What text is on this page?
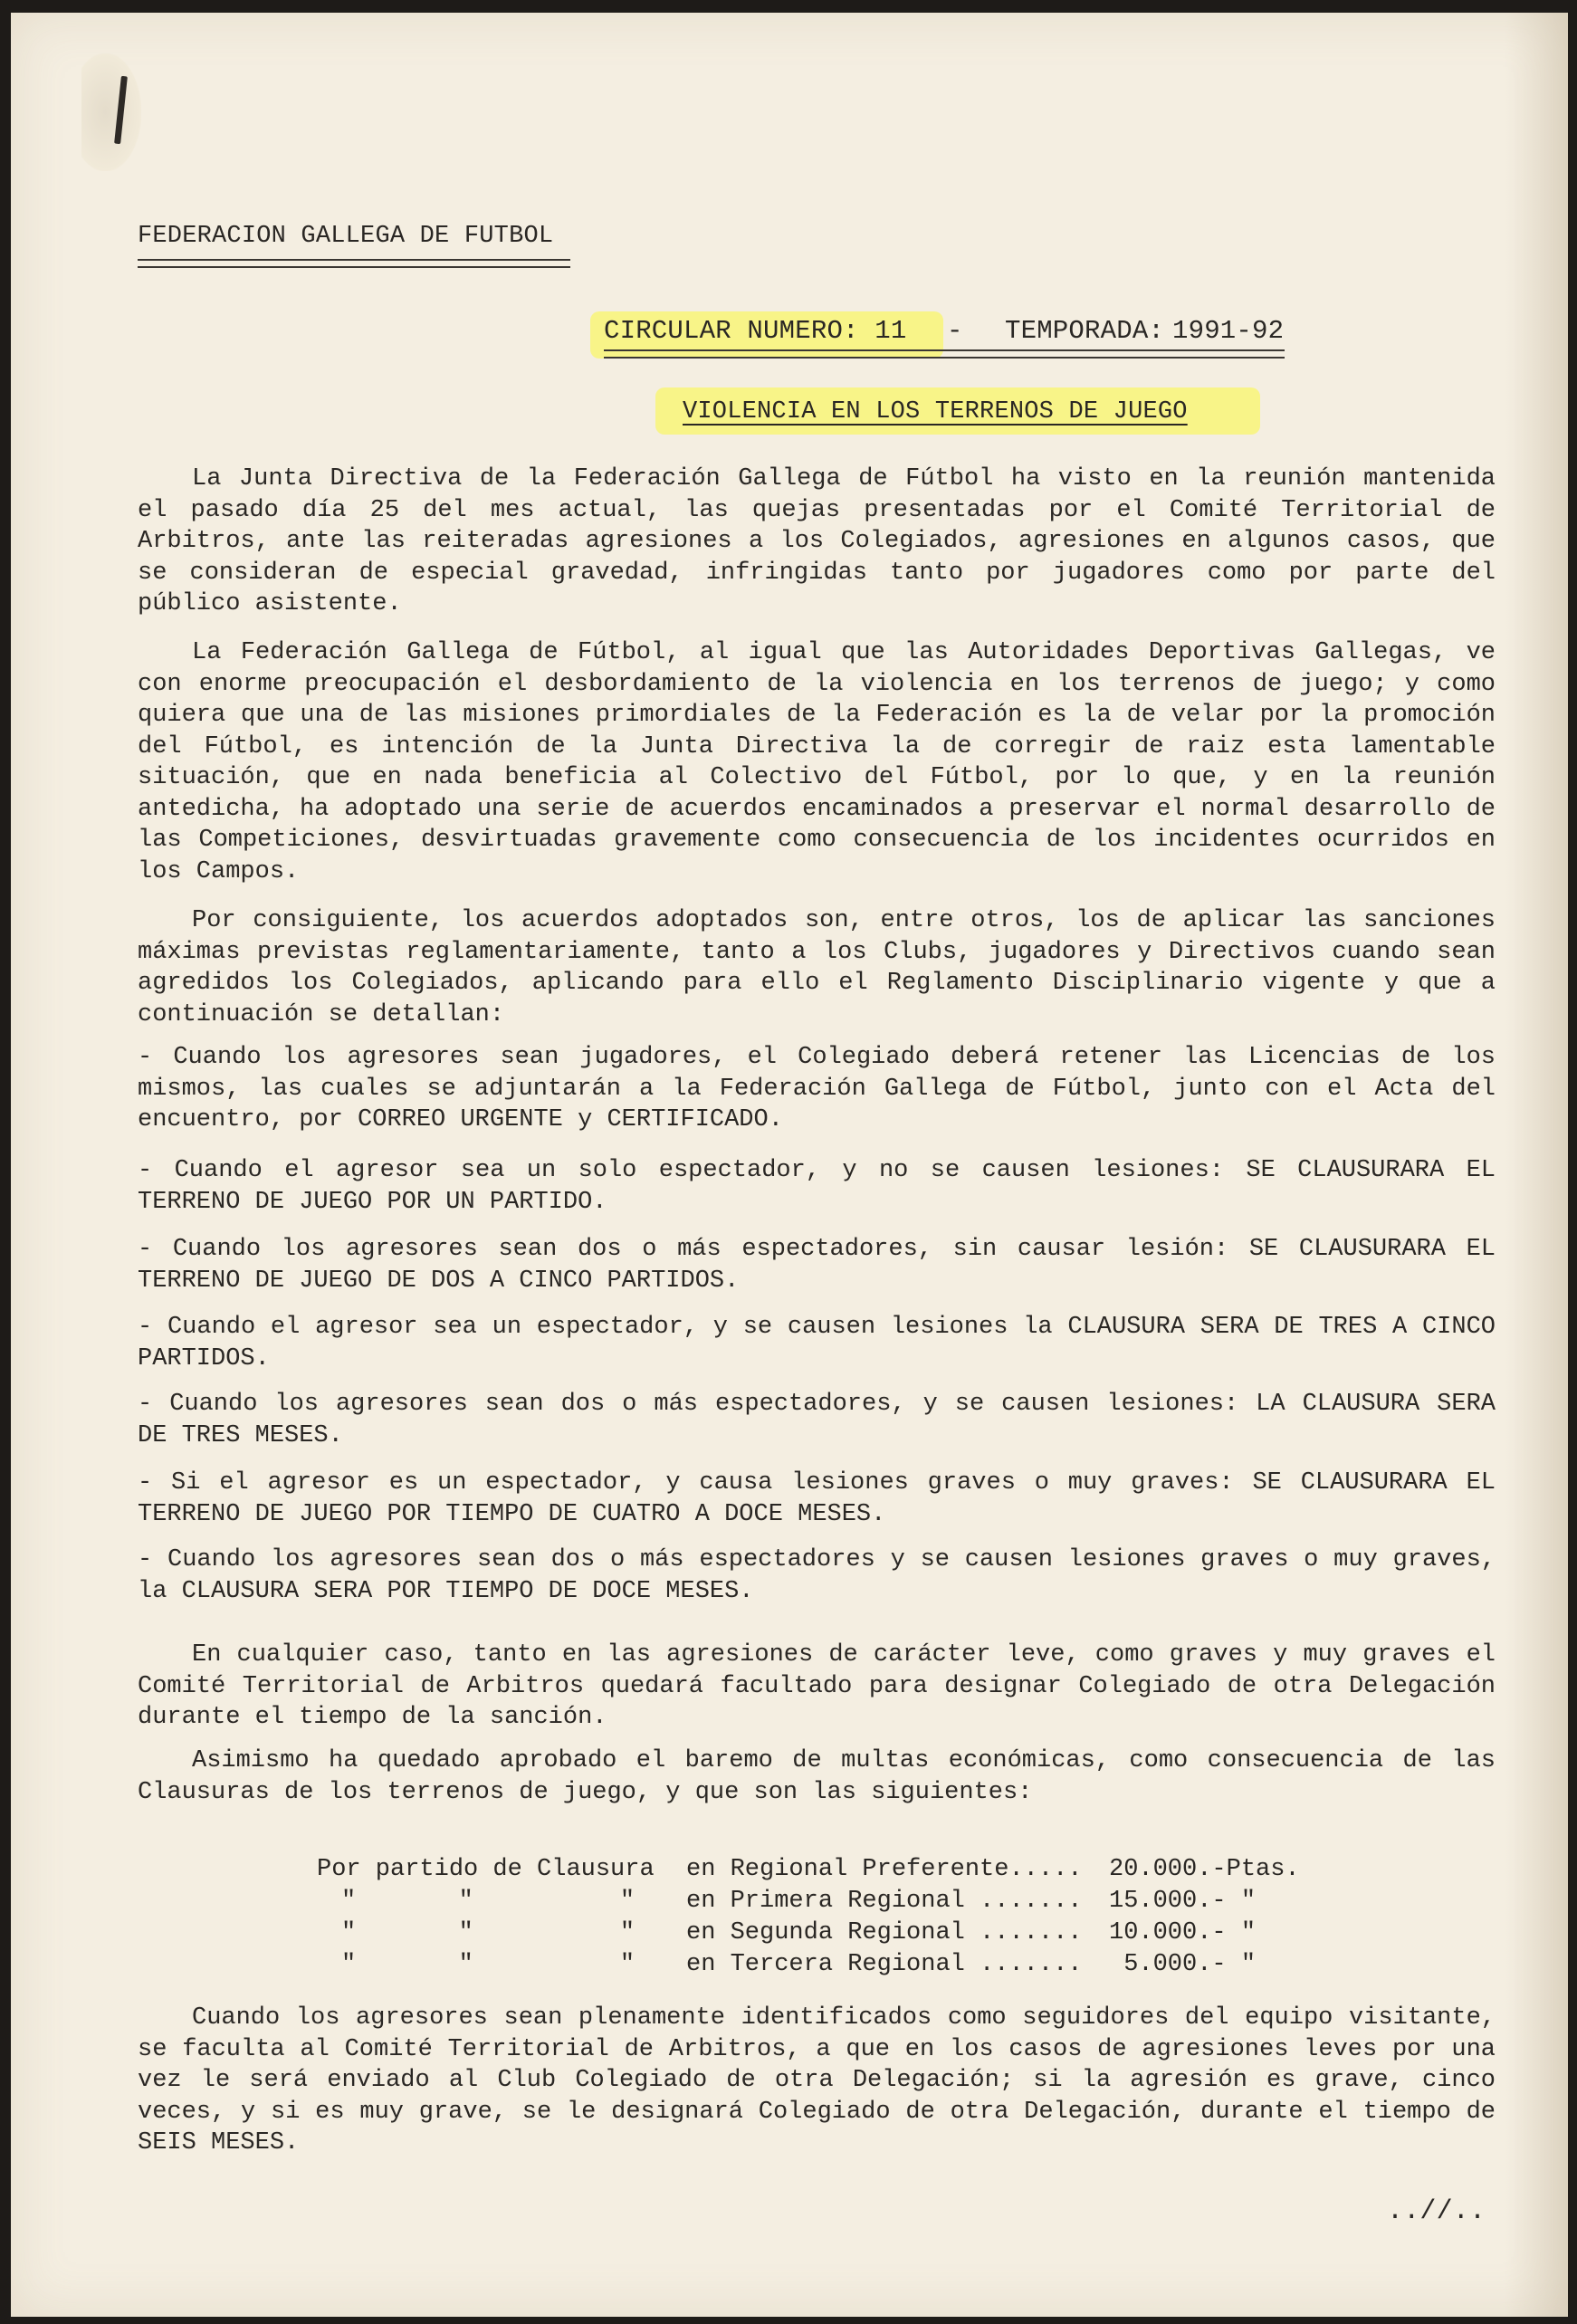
FEDERACION GALLEGA DE FUTBOL
CIRCULAR NUMERO: 11 - TEMPORADA: 1991-92
VIOLENCIA EN LOS TERRENOS DE JUEGO
La Junta Directiva de la Federación Gallega de Fútbol ha visto en la reunión mantenida el pasado día 25 del mes actual, las quejas presentadas por el Comité Territorial de Arbitros, ante las reiteradas agresiones a los Colegiados, agresiones en algunos casos, que se consideran de especial gravedad, infringidas tanto por jugadores como por parte del público asistente.
La Federación Gallega de Fútbol, al igual que las Autoridades Deportivas Gallegas, ve con enorme preocupación el desbordamiento de la violencia en los terrenos de juego; y como quiera que una de las misiones primordiales de la Federación es la de velar por la promoción del Fútbol, es intención de la Junta Directiva la de corregir de raiz esta lamentable situación, que en nada beneficia al Colectivo del Fútbol, por lo que, y en la reunión antedicha, ha adoptado una serie de acuerdos encaminados a preservar el normal desarrollo de las Competiciones, desvirtuadas gravemente como consecuencia de los incidentes ocurridos en los Campos.
Por consiguiente, los acuerdos adoptados son, entre otros, los de aplicar las sanciones máximas previstas reglamentariamente, tanto a los Clubs, jugadores y Directivos cuando sean agredidos los Colegiados, aplicando para ello el Reglamento Disciplinario vigente y que a continuación se detallan:
- Cuando los agresores sean jugadores, el Colegiado deberá retener las Licencias de los mismos, las cuales se adjuntarán a la Federación Gallega de Fútbol, junto con el Acta del encuentro, por CORREO URGENTE y CERTIFICADO.
- Cuando el agresor sea un solo espectador, y no se causen lesiones: SE CLAUSURARA EL TERRENO DE JUEGO POR UN PARTIDO.
- Cuando los agresores sean dos o más espectadores, sin causar lesión: SE CLAUSURARA EL TERRENO DE JUEGO DE DOS A CINCO PARTIDOS.
- Cuando el agresor sea un espectador, y se causen lesiones la CLAUSURA SERA DE TRES A CINCO PARTIDOS.
- Cuando los agresores sean dos o más espectadores, y se causen lesiones: LA CLAUSURA SERA DE TRES MESES.
- Si el agresor es un espectador, y causa lesiones graves o muy graves: SE CLAUSURARA EL TERRENO DE JUEGO POR TIEMPO DE CUATRO A DOCE MESES.
- Cuando los agresores sean dos o más espectadores y se causen lesiones graves o muy graves, la CLAUSURA SERA POR TIEMPO DE DOCE MESES.
En cualquier caso, tanto en las agresiones de carácter leve, como graves y muy graves el Comité Territorial de Arbitros quedará facultado para designar Colegiado de otra Delegación durante el tiempo de la sanción.
Asimismo ha quedado aprobado el baremo de multas económicas, como consecuencia de las Clausuras de los terrenos de juego, y que son las siguientes:
Por partido de Clausura en Regional Preferente..... 20.000.-Ptas.
"       "          " en Primera Regional ....... 15.000.- "
"       "          " en Segunda Regional ....... 10.000.- "
"       "          " en Tercera Regional ....... 5.000.- "
Cuando los agresores sean plenamente identificados como seguidores del equipo visitante, se faculta al Comité Territorial de Arbitros, a que en los casos de agresiones leves por una vez le será enviado al Club Colegiado de otra Delegación; si la agresión es grave, cinco veces, y si es muy grave, se le designará Colegiado de otra Delegación, durante el tiempo de SEIS MESES.
..//..
